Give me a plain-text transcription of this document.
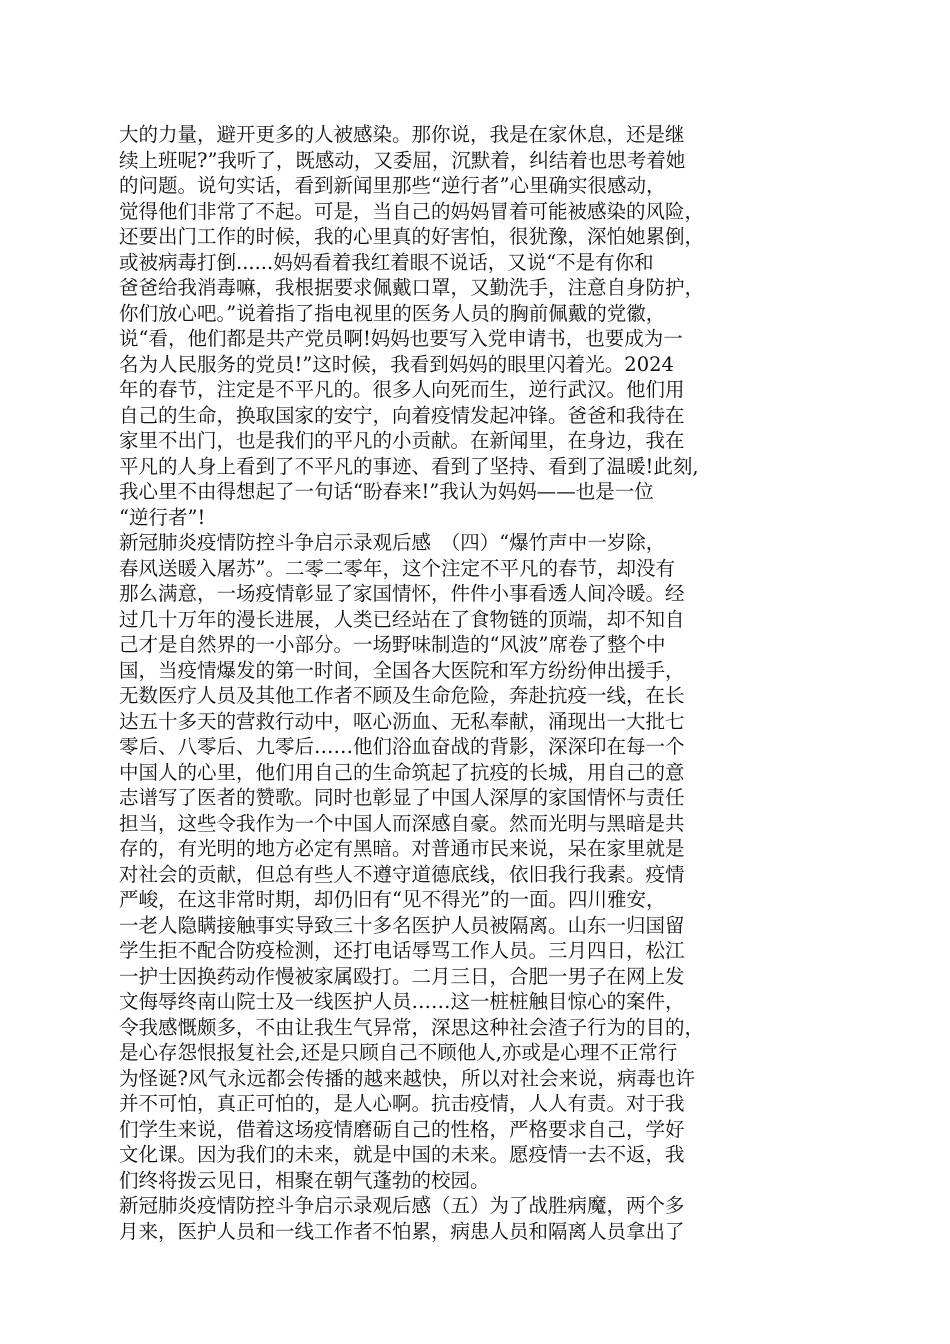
大的力量，避开更多的人被感染。那你说，我是在家休息，还是继
续上班呢?”我听了，既感动，又委屈，沉默着，纠结着也思考着她
的问题。说句实话，看到新闻里那些“逆行者”心里确实很感动，
觉得他们非常了不起。可是，当自己的妈妈冒着可能被感染的风险，
还要出门工作的时候，我的心里真的好害怕，很犹豫，深怕她累倒，
或被病毒打倒......妈妈看着我红着眼不说话，又说“不是有你和
爸爸给我消毒嘛，我根据要求佩戴口罩，又勤洗手，注意自身防护，
你们放心吧。”说着指了指电视里的医务人员的胸前佩戴的党徽，
说“看，他们都是共产党员啊!妈妈也要写入党申请书，也要成为一
名为人民服务的党员!”这时候，我看到妈妈的眼里闪着光。2024
年的春节，注定是不平凡的。很多人向死而生，逆行武汉。他们用
自己的生命，换取国家的安宁，向着疫情发起冲锋。爸爸和我待在
家里不出门，也是我们的平凡的小贡献。在新闻里，在身边，我在
平凡的人身上看到了不平凡的事迹、看到了坚持、看到了温暖!此刻,
我心里不由得想起了一句话“盼春来!”我认为妈妈——也是一位
“逆行者”!
新冠肺炎疫情防控斗争启示录观后感　（四）“爆竹声中一岁除，
春风送暖入屠苏”。二零二零年，这个注定不平凡的春节，却没有
那么满意，一场疫情彰显了家国情怀，件件小事看透人间冷暖。经
过几十万年的漫长进展，人类已经站在了食物链的顶端，却不知自
己才是自然界的一小部分。一场野味制造的“风波”席卷了整个中
国，当疫情爆发的第一时间，全国各大医院和军方纷纷伸出援手，
无数医疗人员及其他工作者不顾及生命危险，奔赴抗疫一线，在长
达五十多天的营救行动中，呕心沥血、无私奉献，涌现出一大批七
零后、八零后、九零后……他们浴血奋战的背影，深深印在每一个
中国人的心里，他们用自己的生命筑起了抗疫的长城，用自己的意
志谱写了医者的赞歌。同时也彰显了中国人深厚的家国情怀与责任
担当，这些令我作为一个中国人而深感自豪。然而光明与黑暗是共
存的，有光明的地方必定有黑暗。对普通市民来说，呆在家里就是
对社会的贡献，但总有些人不遵守道德底线，依旧我行我素。疫情
严峻，在这非常时期，却仍旧有“见不得光”的一面。四川雅安，
一老人隐瞒接触事实导致三十多名医护人员被隔离。山东一归国留
学生拒不配合防疫检测，还打电话辱骂工作人员。三月四日，松江
一护士因换药动作慢被家属殴打。二月三日，合肥一男子在网上发
文侮辱终南山院士及一线医护人员……这一桩桩触目惊心的案件，
令我感慨颇多，不由让我生气异常，深思这种社会渣子行为的目的，
是心存怨恨报复社会,还是只顾自己不顾他人,亦或是心理不正常行
为怪诞?风气永远都会传播的越来越快，所以对社会来说，病毒也许
并不可怕，真正可怕的，是人心啊。抗击疫情，人人有责。对于我
们学生来说，借着这场疫情磨砺自己的性格，严格要求自己，学好
文化课。因为我们的未来，就是中国的未来。愿疫情一去不返，我
们终将拨云见日，相聚在朝气蓬勃的校园。
新冠肺炎疫情防控斗争启示录观后感（五）为了战胜病魔，两个多
月来，医护人员和一线工作者不怕累，病患人员和隔离人员拿出了
